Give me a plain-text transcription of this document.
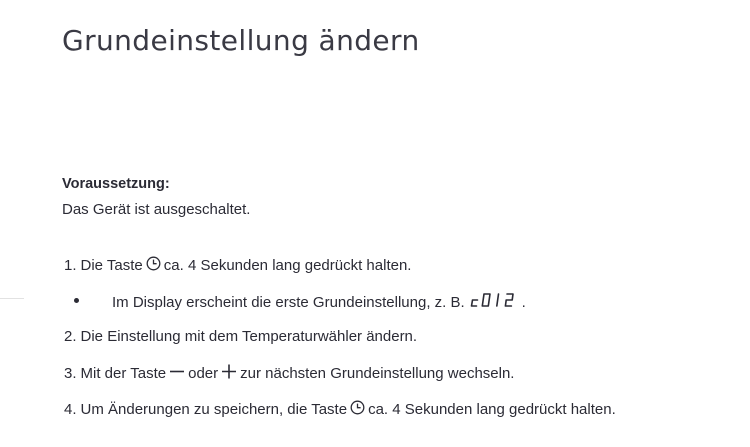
Grundeinstellung ändern
Voraussetzung:
Das Gerät ist ausgeschaltet.
1. Die Taste ca. 4 Sekunden lang gedrückt halten.
Im Display erscheint die erste Grundeinstellung, z. B.	.
2. Die Einstellung mit dem Temperaturwähler ändern.
3. Mit der Taste oder zur nächsten Grundeinstellung wechseln.
4. Um Änderungen zu speichern, die Taste ca. 4 Sekunden lang gedrückt halten.
